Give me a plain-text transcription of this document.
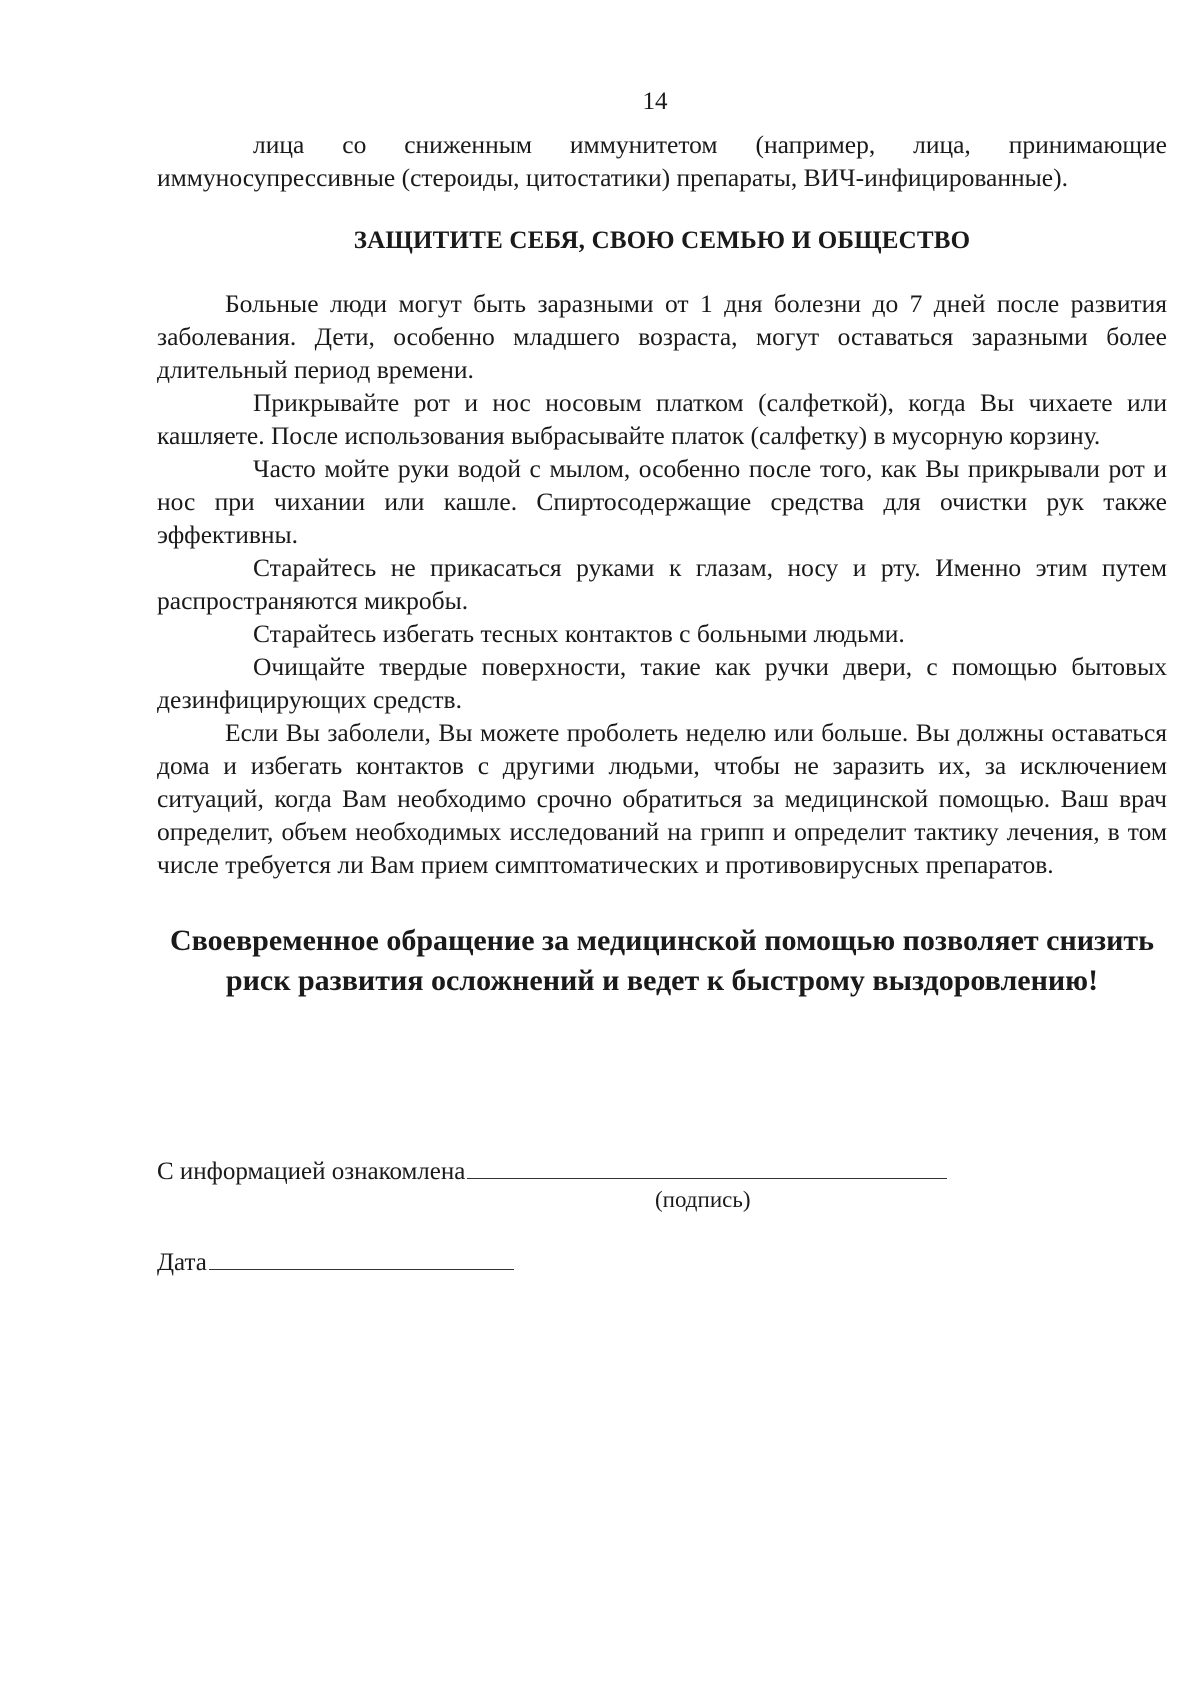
14

лица со сниженным иммунитетом (например, лица, принимающие иммуносупрессивные (стероиды, цитостатики) препараты, ВИЧ-инфицированные).

ЗАЩИТИТЕ СЕБЯ, СВОЮ СЕМЬЮ И ОБЩЕСТВО

Больные люди могут быть заразными от 1 дня болезни до 7 дней после развития заболевания. Дети, особенно младшего возраста, могут оставаться заразными более длительный период времени.

Прикрывайте рот и нос носовым платком (салфеткой), когда Вы чихаете или кашляете. После использования выбрасывайте платок (салфетку) в мусорную корзину.

Часто мойте руки водой с мылом, особенно после того, как Вы прикрывали рот и нос при чихании или кашле. Спиртосодержащие средства для очистки рук также эффективны.

Старайтесь не прикасаться руками к глазам, носу и рту. Именно этим путем распространяются микробы.

Старайтесь избегать тесных контактов с больными людьми.

Очищайте твердые поверхности, такие как ручки двери, с помощью бытовых дезинфицирующих средств.

Если Вы заболели, Вы можете проболеть неделю или больше. Вы должны оставаться дома и избегать контактов с другими людьми, чтобы не заразить их, за исключением ситуаций, когда Вам необходимо срочно обратиться за медицинской помощью. Ваш врач определит, объем необходимых исследований на грипп и определит тактику лечения, в том числе требуется ли Вам прием симптоматических и противовирусных препаратов.

Своевременное обращение за медицинской помощью позволяет снизить риск развития осложнений и ведет к быстрому выздоровлению!

С информацией ознакомлена
(подпись)
Дата
